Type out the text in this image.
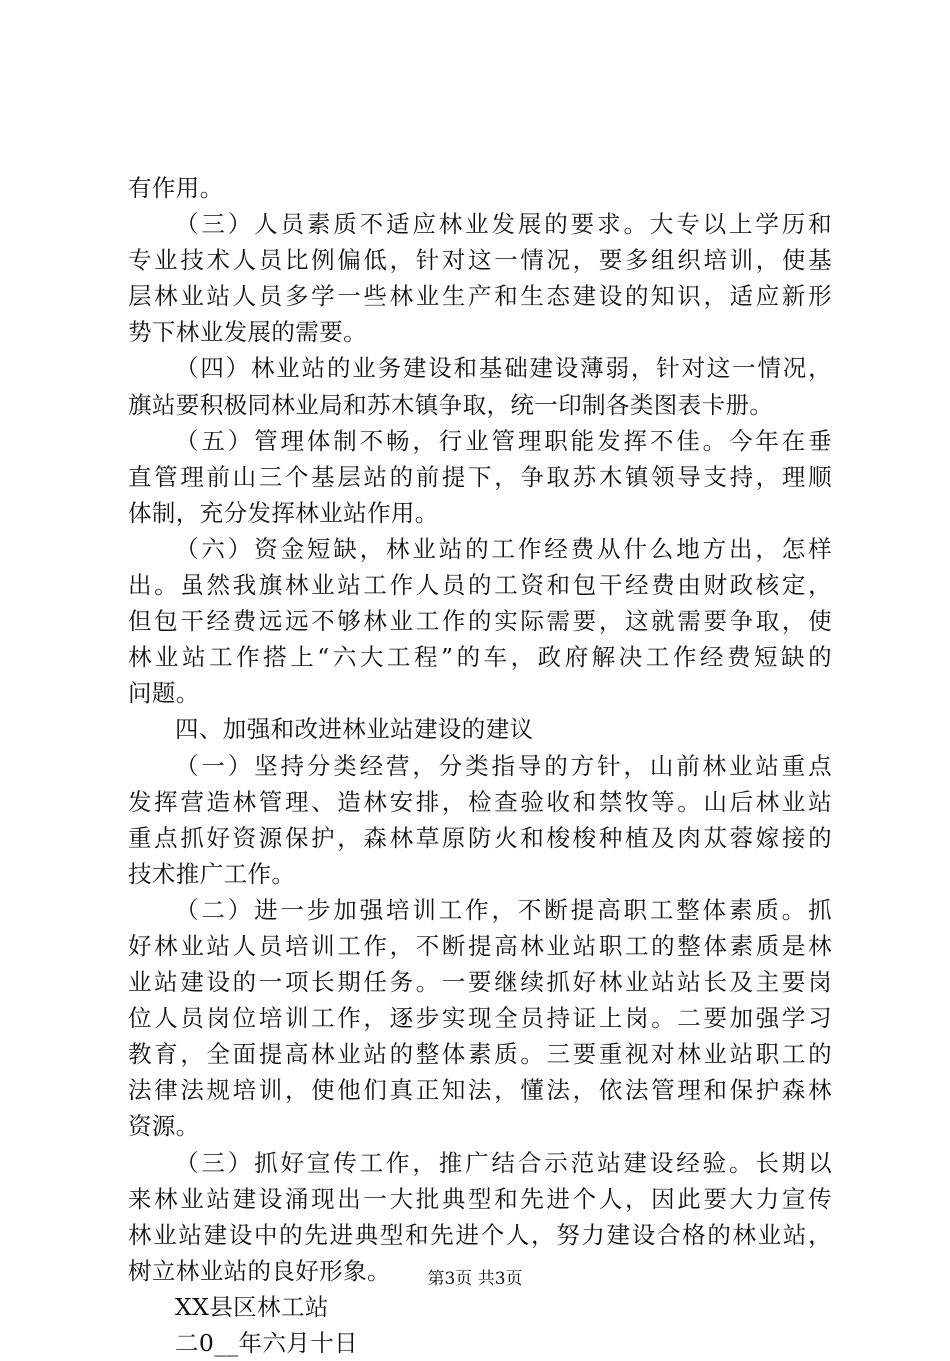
有作用。
（三）人员素质不适应林业发展的要求。大专以上学历和
专业技术人员比例偏低，针对这一情况，要多组织培训，使基
层林业站人员多学一些林业生产和生态建设的知识，适应新形
势下林业发展的需要。
（四）林业站的业务建设和基础建设薄弱，针对这一情况，
旗站要积极同林业局和苏木镇争取，统一印制各类图表卡册。
（五）管理体制不畅，行业管理职能发挥不佳。今年在垂
直管理前山三个基层站的前提下，争取苏木镇领导支持，理顺
体制，充分发挥林业站作用。
（六）资金短缺，林业站的工作经费从什么地方出，怎样
出。虽然我旗林业站工作人员的工资和包干经费由财政核定，
但包干经费远远不够林业工作的实际需要，这就需要争取，使
林业站工作搭上“六大工程”的车，政府解决工作经费短缺的
问题。
四、加强和改进林业站建设的建议
（一）坚持分类经营，分类指导的方针，山前林业站重点
发挥营造林管理、造林安排，检查验收和禁牧等。山后林业站
重点抓好资源保护，森林草原防火和梭梭种植及肉苁蓉嫁接的
技术推广工作。
（二）进一步加强培训工作，不断提高职工整体素质。抓
好林业站人员培训工作，不断提高林业站职工的整体素质是林
业站建设的一项长期任务。一要继续抓好林业站站长及主要岗
位人员岗位培训工作，逐步实现全员持证上岗。二要加强学习
教育，全面提高林业站的整体素质。三要重视对林业站职工的
法律法规培训，使他们真正知法，懂法，依法管理和保护森林
资源。
（三）抓好宣传工作，推广结合示范站建设经验。长期以
来林业站建设涌现出一大批典型和先进个人，因此要大力宣传
林业站建设中的先进典型和先进个人，努力建设合格的林业站，
树立林业站的良好形象。
XX县区林工站
二0__年六月十日
第3页 共3页
